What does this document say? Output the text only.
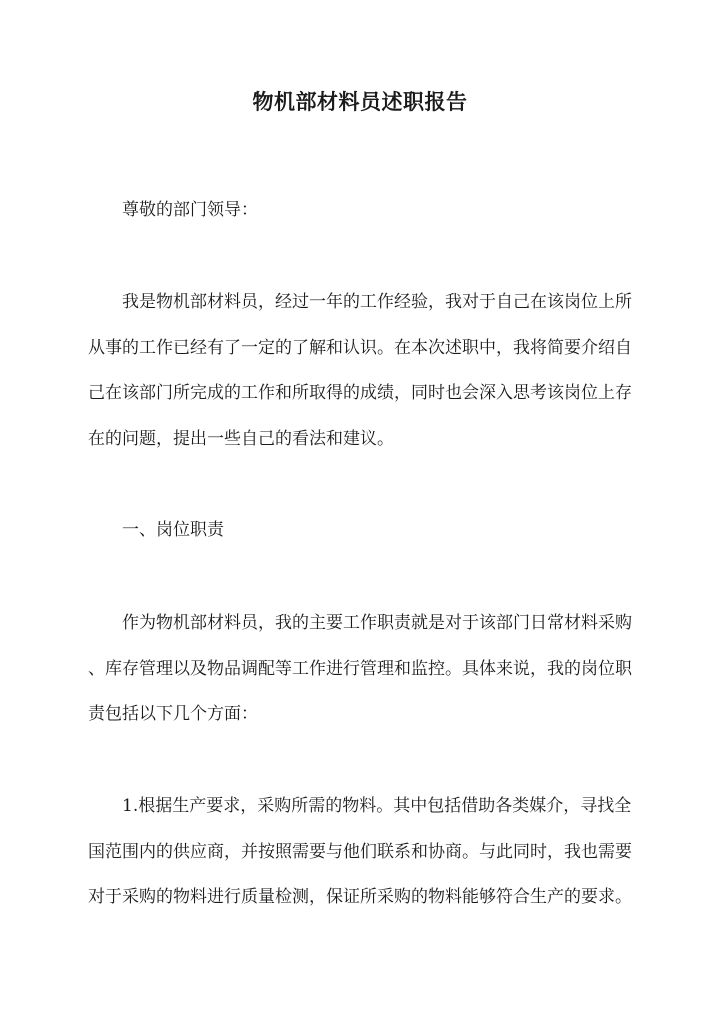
物机部材料员述职报告

尊敬的部门领导：

我是物机部材料员，经过一年的工作经验，我对于自己在该岗位上所
从事的工作已经有了一定的了解和认识。在本次述职中，我将简要介绍自
己在该部门所完成的工作和所取得的成绩，同时也会深入思考该岗位上存
在的问题，提出一些自己的看法和建议。

一、岗位职责

作为物机部材料员，我的主要工作职责就是对于该部门日常材料采购
、库存管理以及物品调配等工作进行管理和监控。具体来说，我的岗位职
责包括以下几个方面：

1.根据生产要求，采购所需的物料。其中包括借助各类媒介，寻找全
国范围内的供应商，并按照需要与他们联系和协商。与此同时，我也需要
对于采购的物料进行质量检测，保证所采购的物料能够符合生产的要求。
